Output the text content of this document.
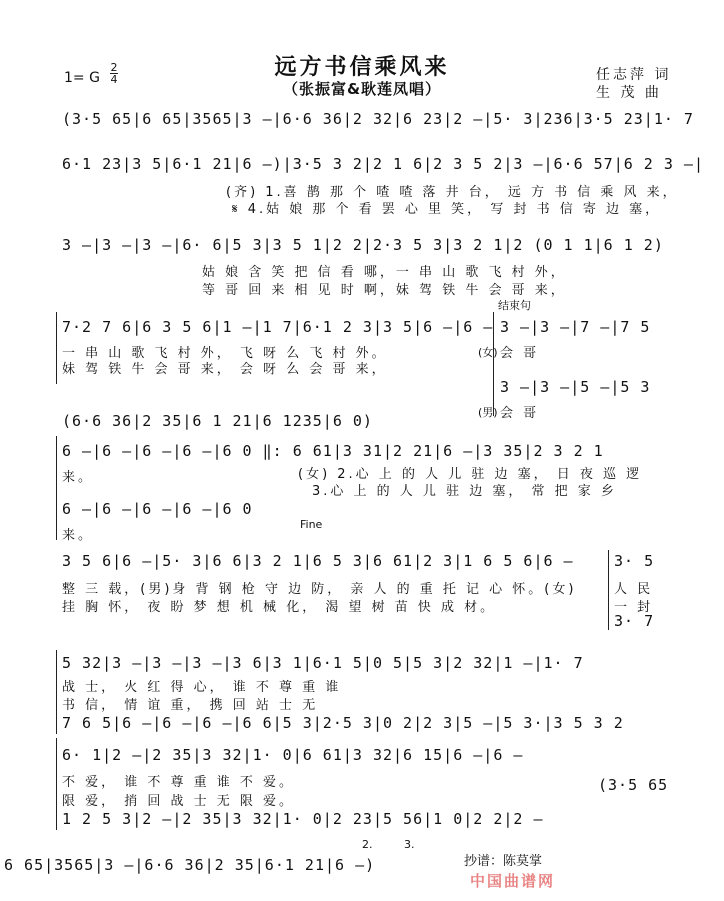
远方书信乘风来
（张振富&耿莲凤唱）
1= G
2
4	任志萍 词
生 茂 曲
(3·5 65|6 65|3565|3 –|6·6 36|2 32|6 23|2 –|5· 3|236|3·5 23|1· 7
6·1 23|3 5|6·1 21|6 –)|3·5 3 2|2 1 6|2 3 5 2|3 –|6·6 57|6 2 3 –|
(齐) 1.喜 鹊 那 个 喳 喳 落 井 台， 远 方 书 信 乘 风 来，
𝄋 4.姑 娘 那 个 看 罢 心 里 笑， 写 封 书 信 寄 边 塞，
3 –|3 –|3 –|6· 6|5 3|3 5 1|2 2|2·3 5 3|3 2 1|2 (0 1 1|6 1 2)
姑 娘 含 笑 把 信 看 哪，一 串 山 歌 飞 村 外，
等 哥 回 来 相 见 时 啊，妹 驾 铁 牛 会 哥 来，
7·2 7 6|6 3 5 6|1 –|1 7|6·1 2 3|3 5|6 –|6 –
一 串 山 歌 飞 村 外， 飞 呀 么 飞 村 外。
妹 驾 铁 牛 会 哥 来， 会 呀 么 会 哥 来，
结束句
3 –|3 –|7 –|7 5
(女) 会 哥
3 –|3 –|5 –|5 3
(男) 会 哥
(6·6 36|2 35|6 1 21|6 1235|6 0)
6 –|6 –|6 –|6 –|6 0 ‖: 6 61|3 31|2 21|6 –|3 35|2 3 2 1
来。	(女) 2.心 上 的 人 儿 驻 边 塞， 日 夜 巡 逻
3.心 上 的 人 儿 驻 边 塞， 常 把 家 乡
6 –|6 –|6 –|6 –|6 0
来。
Fine
3 5 6|6 –|5· 3|6 6|3 2 1|6 5 3|6 61|2 3|1 6 5 6|6 –
整 三 载，(男)身 背 钢 枪 守 边 防， 亲 人 的 重 托 记 心 怀。(女)
挂 胸 怀， 夜 盼 梦 想 机 械 化， 渴 望 树 苗 快 成 材。
3· 5
人 民
一 封
3· 7
5 32|3 –|3 –|3 –|3 6|3 1|6·1 5|0 5|5 3|2 32|1 –|1· 7
战 士， 火 红 得 心， 谁 不 尊 重 谁
书 信， 情 谊 重， 携 回 站 士 无
7 6 5|6 –|6 –|6 –|6 6|5 3|2·5 3|0 2|2 3|5 –|5 3·|3 5 3 2
6· 1|2 –|2 35|3 32|1· 0|6 61|3 32|6 15|6 –|6 –
不 爱， 谁 不 尊 重 谁 不 爱。
限 爱， 捎 回 战 士 无 限 爱。
(3·5 65
1 2 5 3|2 –|2 35|3 32|1· 0|2 23|5 56|1 0|2 2|2 –
2.	3.
6 65|3565|3 –|6·6 36|2 35|6·1 21|6 –)	抄谱：陈莫掌
中国曲谱网
